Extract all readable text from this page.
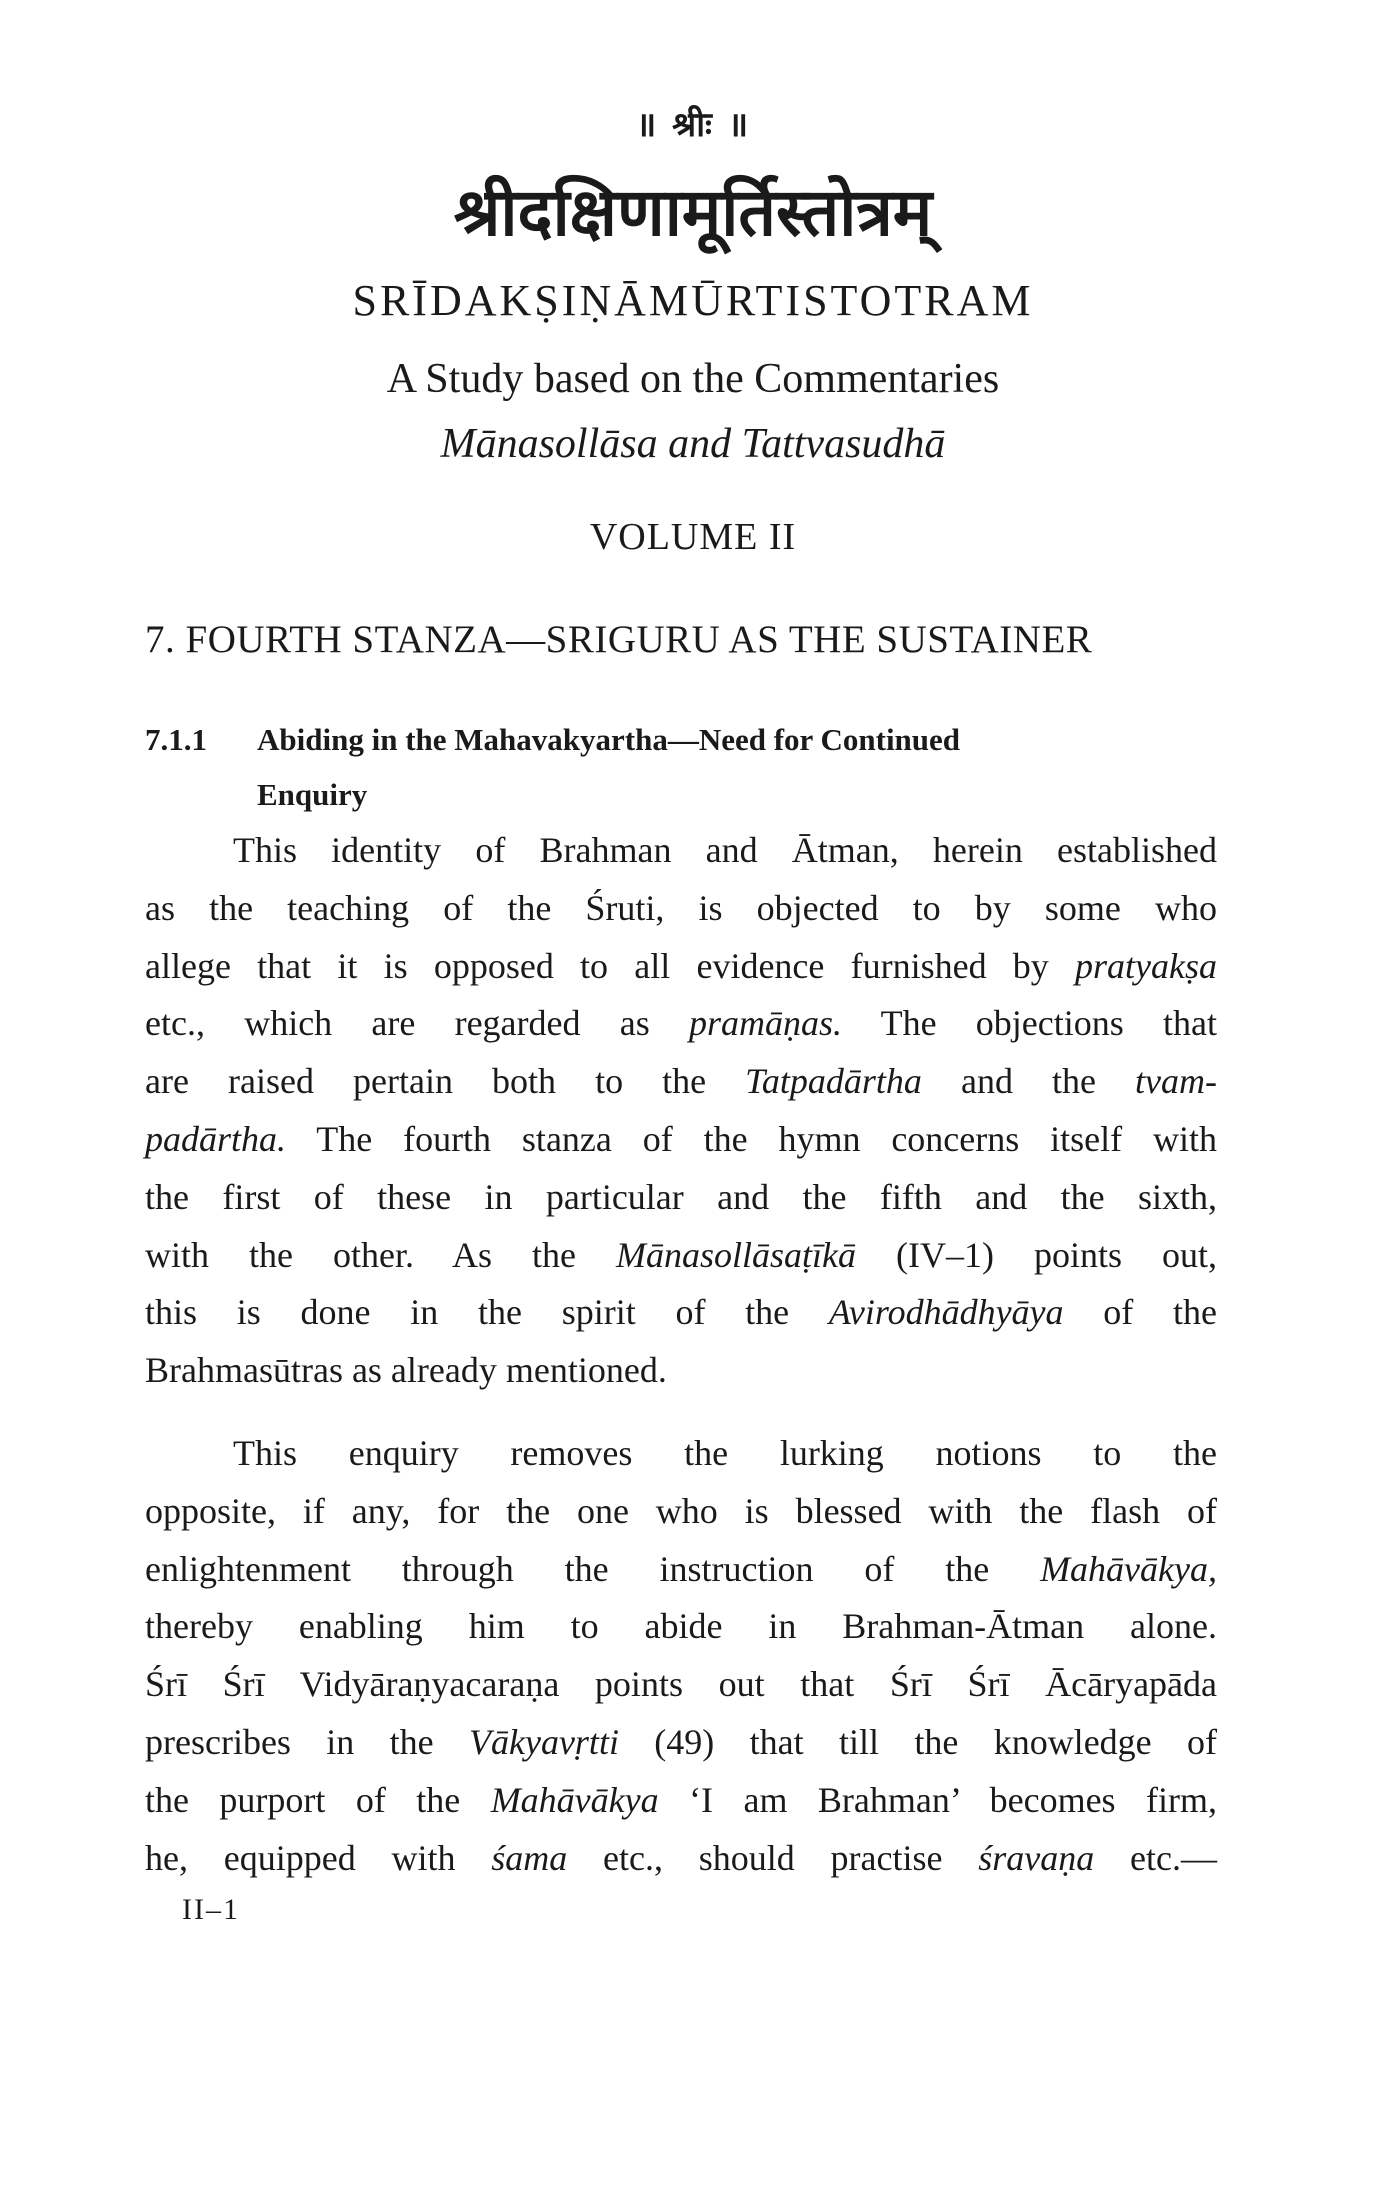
॥ श्रीः ॥
श्रीदक्षिणामूर्तिस्तोत्रम्
SRĪDAKṢIṆĀMŪRTISTOTRAM
A Study based on the Commentaries
Mānasollāsa and Tattvasudhā
VOLUME II
7. FOURTH STANZA—SRIGURU AS THE SUSTAINER
7.1.1 Abiding in the Mahavakyartha—Need for Continued
Enquiry
This identity of Brahman and Ātman, herein established
as the teaching of the Śruti, is objected to by some who
allege that it is opposed to all evidence furnished by pratyakṣa
etc., which are regarded as pramāṇas. The objections that
are raised pertain both to the Tatpadārtha and the tvam-
padārtha. The fourth stanza of the hymn concerns itself with
the first of these in particular and the fifth and the sixth,
with the other. As the Mānasollāsaṭīkā (IV–1) points out,
this is done in the spirit of the Avirodhādhyāya of the
Brahmasūtras as already mentioned.
This enquiry removes the lurking notions to the
opposite, if any, for the one who is blessed with the flash of
enlightenment through the instruction of the Mahāvākya,
thereby enabling him to abide in Brahman-Ātman alone.
Śrī Śrī Vidyāraṇyacaraṇa points out that Śrī Śrī Ācāryapāda
prescribes in the Vākyavṛtti (49) that till the knowledge of
the purport of the Mahāvākya ‘I am Brahman’ becomes firm,
he, equipped with śama etc., should practise śravaṇa etc.—
II–1
